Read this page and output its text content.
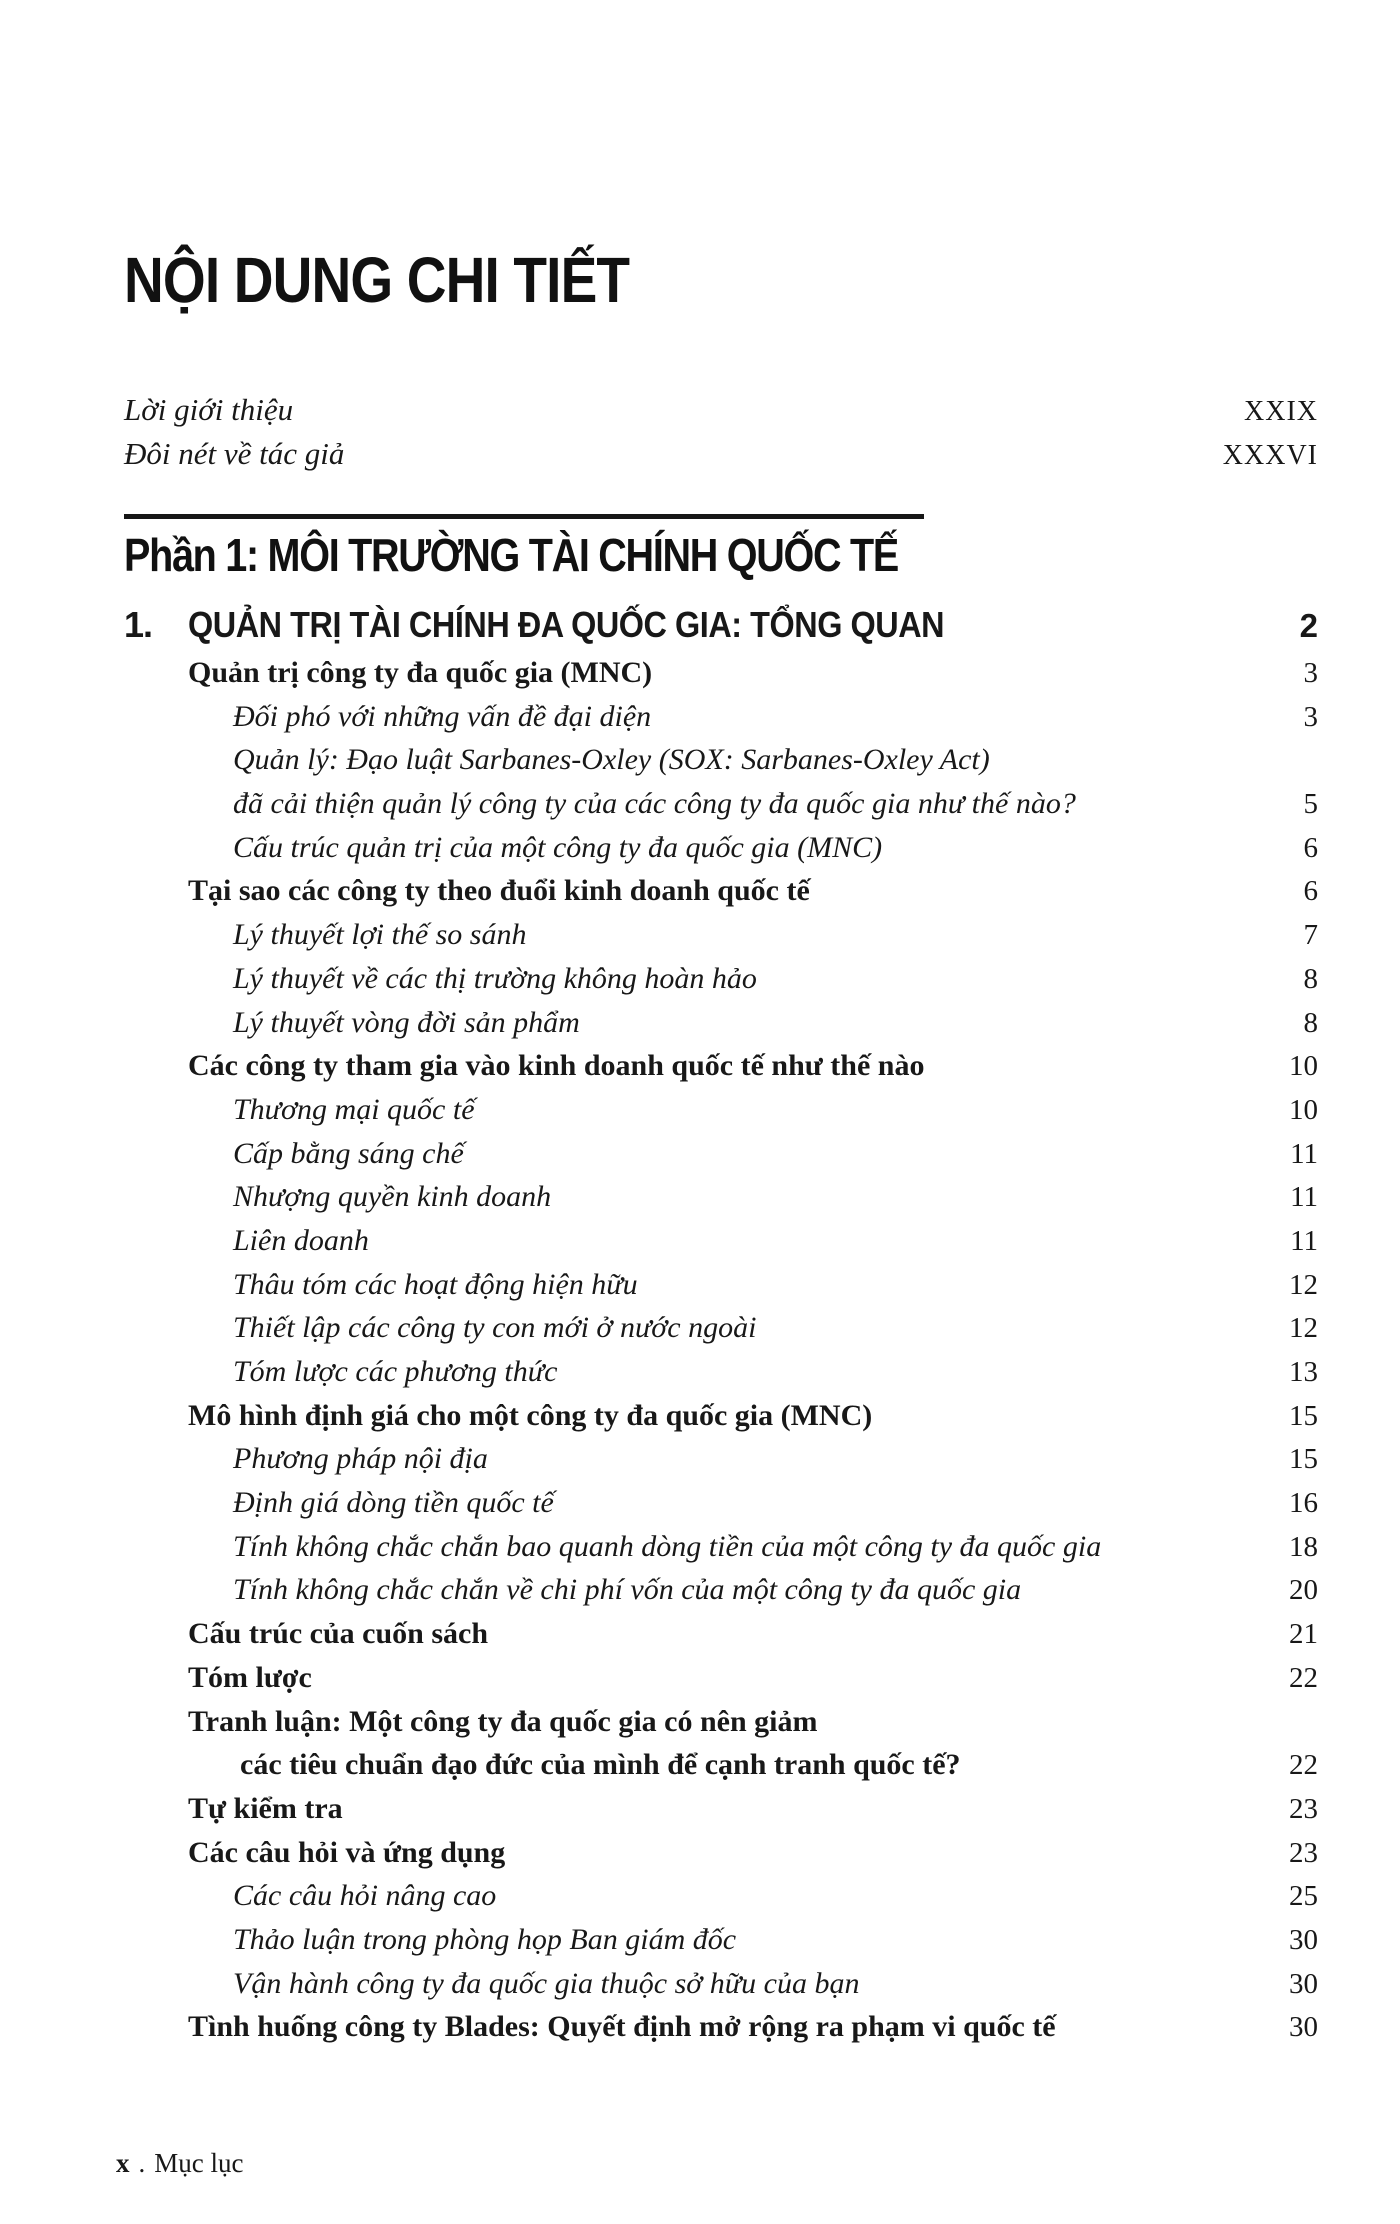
NỘI DUNG CHI TIẾT
Lời giới thiệu	XXIX
Đôi nét về tác giả	XXXVI
Phần 1: MÔI TRƯỜNG TÀI CHÍNH QUỐC TẾ
1. QUẢN TRỊ TÀI CHÍNH ĐA QUỐC GIA: TỔNG QUAN	2
Quản trị công ty đa quốc gia (MNC)	3
Đối phó với những vấn đề đại diện	3
Quản lý: Đạo luật Sarbanes-Oxley (SOX: Sarbanes-Oxley Act)
đã cải thiện quản lý công ty của các công ty đa quốc gia như thế nào?	5
Cấu trúc quản trị của một công ty đa quốc gia (MNC)	6
Tại sao các công ty theo đuổi kinh doanh quốc tế	6
Lý thuyết lợi thế so sánh	7
Lý thuyết về các thị trường không hoàn hảo	8
Lý thuyết vòng đời sản phẩm	8
Các công ty tham gia vào kinh doanh quốc tế như thế nào	10
Thương mại quốc tế	10
Cấp bằng sáng chế	11
Nhượng quyền kinh doanh	11
Liên doanh	11
Thâu tóm các hoạt động hiện hữu	12
Thiết lập các công ty con mới ở nước ngoài	12
Tóm lược các phương thức	13
Mô hình định giá cho một công ty đa quốc gia (MNC)	15
Phương pháp nội địa	15
Định giá dòng tiền quốc tế	16
Tính không chắc chắn bao quanh dòng tiền của một công ty đa quốc gia	18
Tính không chắc chắn về chi phí vốn của một công ty đa quốc gia	20
Cấu trúc của cuốn sách	21
Tóm lược	22
Tranh luận: Một công ty đa quốc gia có nên giảm
các tiêu chuẩn đạo đức của mình để cạnh tranh quốc tế?	22
Tự kiểm tra	23
Các câu hỏi và ứng dụng	23
Các câu hỏi nâng cao	25
Thảo luận trong phòng họp Ban giám đốc	30
Vận hành công ty đa quốc gia thuộc sở hữu của bạn	30
Tình huống công ty Blades: Quyết định mở rộng ra phạm vi quốc tế	30
x . Mục lục
